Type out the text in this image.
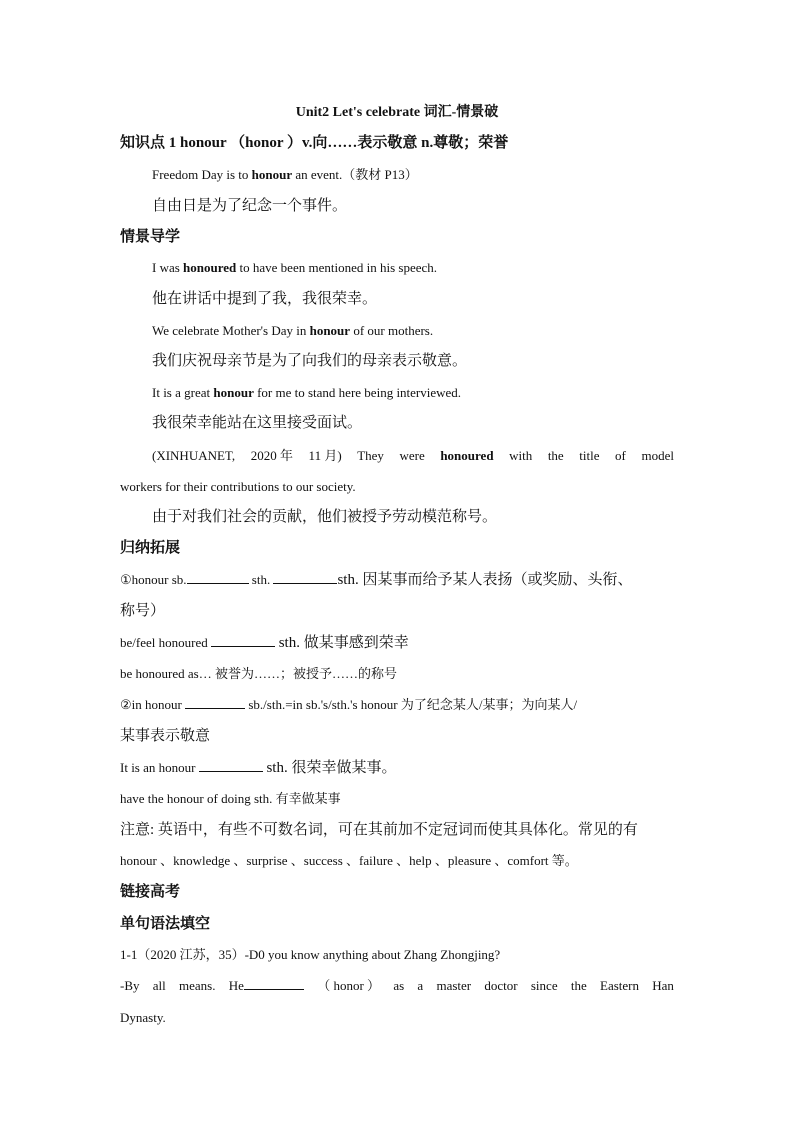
Unit2 Let's celebrate 词汇-情景破
知识点 1 honour （honor ）v.向……表示敬意 n.尊敬；荣誉
Freedom Day is to honour an event.（教材 P13）
自由日是为了纪念一个事件。
情景导学
I was honoured to have been mentioned in his speech.
他在讲话中提到了我，我很荣幸。
We celebrate Mother's Day in honour of our mothers.
我们庆祝母亲节是为了向我们的母亲表示敬意。
It is a great honour for me to stand here being interviewed.
我很荣幸能站在这里接受面试。
(XINHUANET, 2020 年 11 月) They were honoured with the title of model
workers for their contributions to our society.
由于对我们社会的贡献，他们被授予劳动模范称号。
归纳拓展
①honour sb.	sth.	sth. 因某事而给予某人表扬（或奖励、头衔、
称号）
be/feel honoured	sth. 做某事感到荣幸
be honoured as… 被誉为……；被授予……的称号
②in honour	sb./sth.=in sb.'s/sth.'s honour 为了纪念某人/某事；为向某人/
某事表示敬意
It is an honour	sth. 很荣幸做某事。
have the honour of doing sth. 有幸做某事
注意: 英语中，有些不可数名词，可在其前加不定冠词而使其具体化。常见的有
honour 、knowledge 、surprise 、success 、failure 、help 、pleasure 、comfort 等。
链接高考
单句语法填空
1-1（2020 江苏，35）-D0 you know anything about Zhang Zhongjing?
-By all means. He	（ honor ） as a master doctor since the Eastern Han
Dynasty.
